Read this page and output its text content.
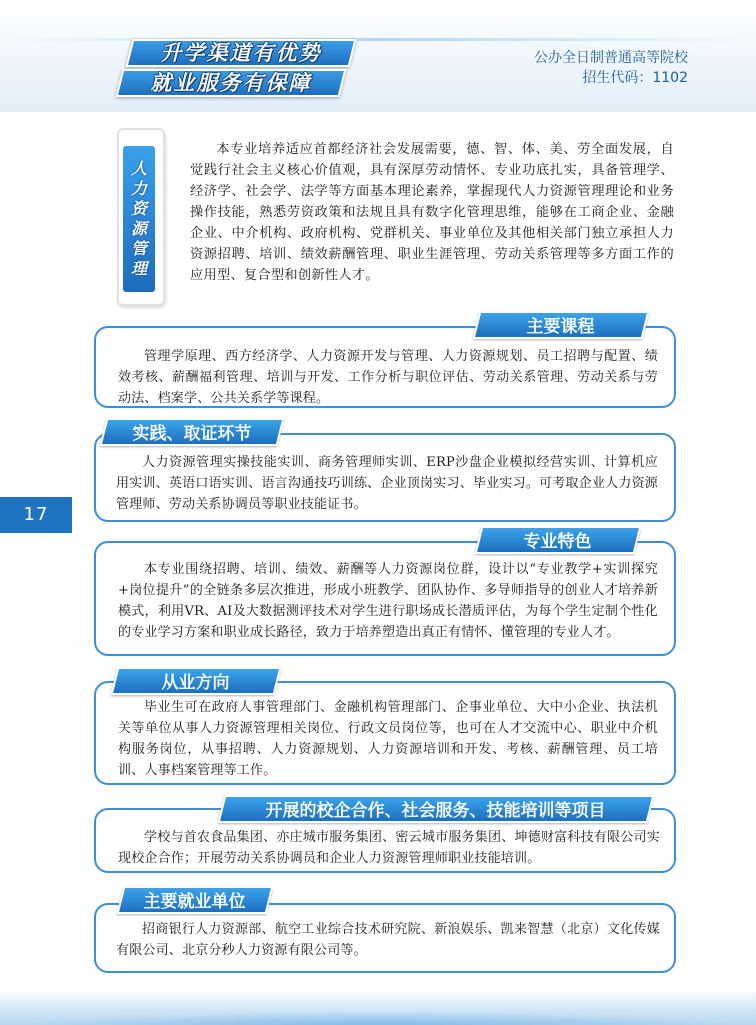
升学渠道有优势
就业服务有保障
公办全日制普通高等院校
招生代码：1102
17
人
力
资
源
管
理
本专业培养适应首都经济社会发展需要，德、智、体、美、劳全面发展，自觉践行社会主义核心价值观，具有深厚劳动情怀、专业功底扎实，具备管理学、经济学、社会学、法学等方面基本理论素养，掌握现代人力资源管理理论和业务操作技能，熟悉劳资政策和法规且具有数字化管理思维，能够在工商企业、金融企业、中介机构、政府机构、党群机关、事业单位及其他相关部门独立承担人力资源招聘、培训、绩效薪酬管理、职业生涯管理、劳动关系管理等多方面工作的应用型、复合型和创新性人才。
管理学原理、西方经济学、人力资源开发与管理、人力资源规划、员工招聘与配置、绩效考核、薪酬福利管理、培训与开发、工作分析与职位评估、劳动关系管理、劳动关系与劳动法、档案学、公共关系学等课程。
主要课程
人力资源管理实操技能实训、商务管理师实训、ERP沙盘企业模拟经营实训、计算机应用实训、英语口语实训、语言沟通技巧训练、企业顶岗实习、毕业实习。可考取企业人力资源管理师、劳动关系协调员等职业技能证书。
实践、取证环节
本专业围绕招聘、培训、绩效、薪酬等人力资源岗位群，设计以“专业教学+实训探究+岗位提升”的全链条多层次推进，形成小班教学、团队协作、多导师指导的创业人才培养新模式，利用VR、AI及大数据测评技术对学生进行职场成长潜质评估，为每个学生定制个性化的专业学习方案和职业成长路径，致力于培养塑造出真正有情怀、懂管理的专业人才。
专业特色
毕业生可在政府人事管理部门、金融机构管理部门、企事业单位、大中小企业、执法机关等单位从事人力资源管理相关岗位、行政文员岗位等，也可在人才交流中心、职业中介机构服务岗位，从事招聘、人力资源规划、人力资源培训和开发、考核、薪酬管理、员工培训、人事档案管理等工作。
从业方向
学校与首农食品集团、亦庄城市服务集团、密云城市服务集团、坤德财富科技有限公司实现校企合作；开展劳动关系协调员和企业人力资源管理师职业技能培训。
开展的校企合作、社会服务、技能培训等项目
招商银行人力资源部、航空工业综合技术研究院、新浪娱乐、凯来智慧（北京）文化传媒有限公司、北京分秒人力资源有限公司等。
主要就业单位
